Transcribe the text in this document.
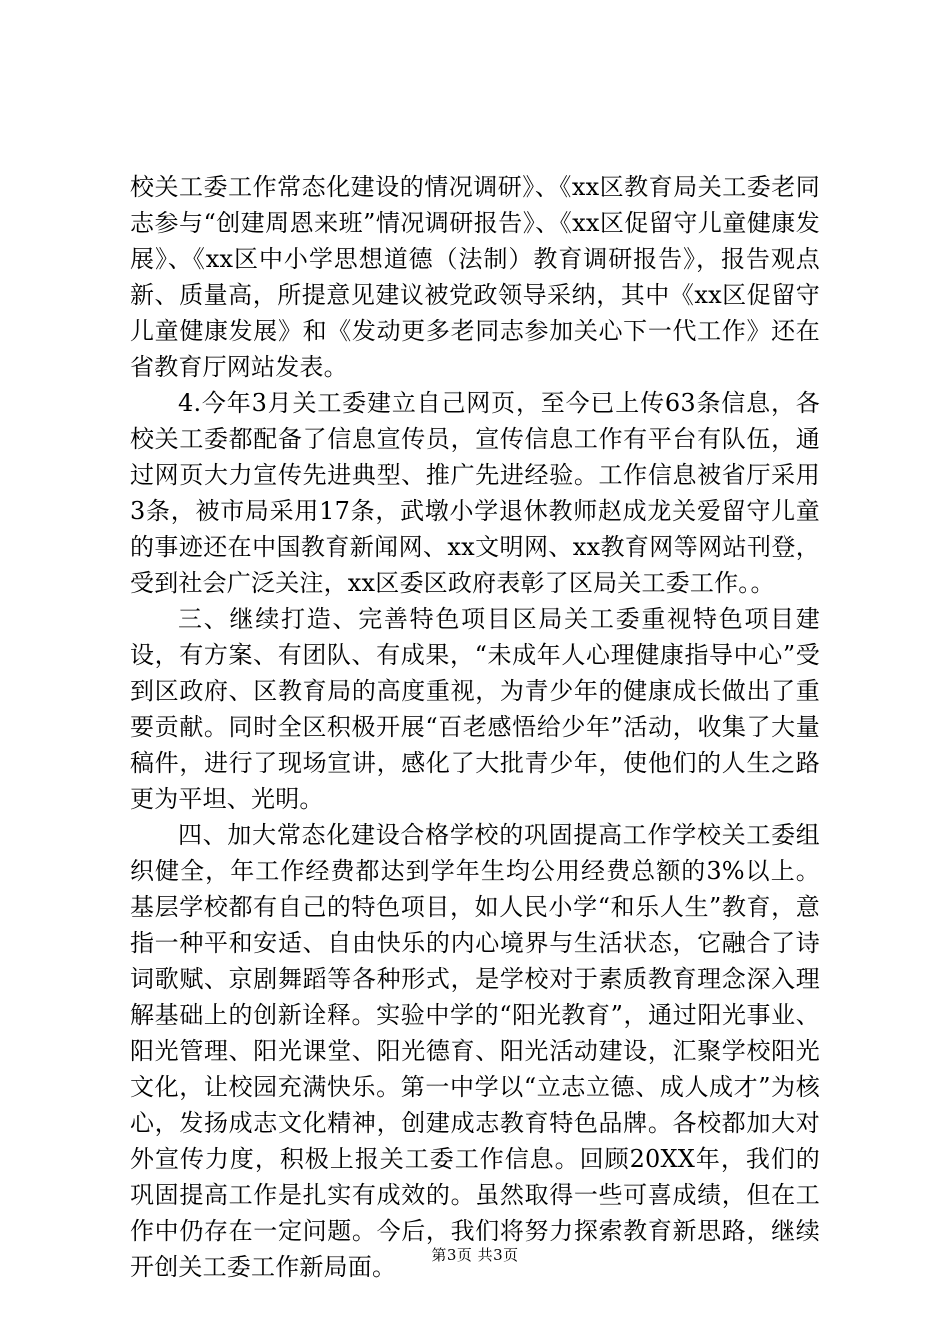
校关工委工作常态化建设的情况调研》、《xx区教育局关工委老同志参与“创建周恩来班”情况调研报告》、《xx区促留守儿童健康发展》、《xx区中小学思想道德（法制）教育调研报告》，报告观点新、质量高，所提意见建议被党政领导采纳，其中《xx区促留守儿童健康发展》和《发动更多老同志参加关心下一代工作》还在省教育厅网站发表。

4.今年3月关工委建立自己网页，至今已上传63条信息，各校关工委都配备了信息宣传员，宣传信息工作有平台有队伍，通过网页大力宣传先进典型、推广先进经验。工作信息被省厅采用3条，被市局采用17条，武墩小学退休教师赵成龙关爱留守儿童的事迹还在中国教育新闻网、xx文明网、xx教育网等网站刊登，受到社会广泛关注，xx区委区政府表彰了区局关工委工作。。

三、继续打造、完善特色项目区局关工委重视特色项目建设，有方案、有团队、有成果，“未成年人心理健康指导中心”受到区政府、区教育局的高度重视，为青少年的健康成长做出了重要贡献。同时全区积极开展“百老感悟给少年”活动，收集了大量稿件，进行了现场宣讲，感化了大批青少年，使他们的人生之路更为平坦、光明。

四、加大常态化建设合格学校的巩固提高工作学校关工委组织健全，年工作经费都达到学年生均公用经费总额的3%以上。基层学校都有自己的特色项目，如人民小学“和乐人生”教育，意指一种平和安适、自由快乐的内心境界与生活状态，它融合了诗词歌赋、京剧舞蹈等各种形式，是学校对于素质教育理念深入理解基础上的创新诠释。实验中学的“阳光教育”，通过阳光事业、阳光管理、阳光课堂、阳光德育、阳光活动建设，汇聚学校阳光文化，让校园充满快乐。第一中学以“立志立德、成人成才”为核心，发扬成志文化精神，创建成志教育特色品牌。各校都加大对外宣传力度，积极上报关工委工作信息。回顾20XX年，我们的巩固提高工作是扎实有成效的。虽然取得一些可喜成绩，但在工作中仍存在一定问题。今后，我们将努力探索教育新思路，继续开创关工委工作新局面。	第3页 共3页
